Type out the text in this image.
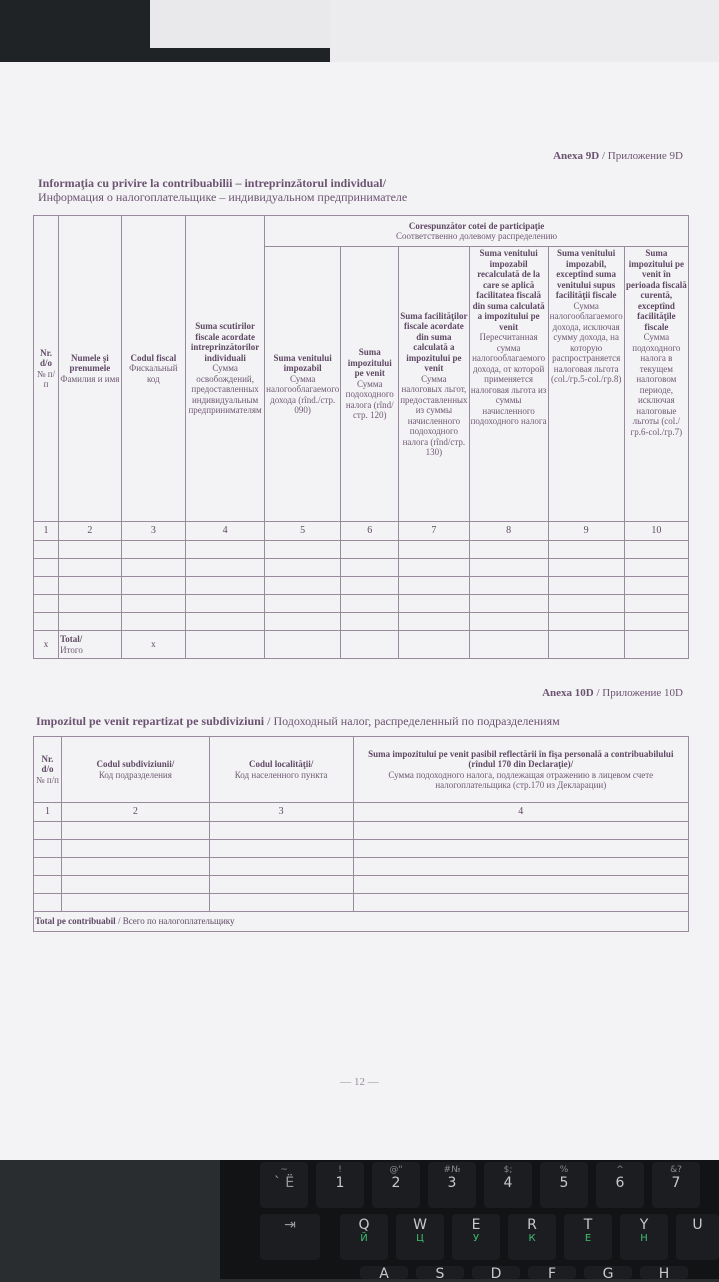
Anexa 9D / Приложение 9D
Informaţia cu privire la contribuabilii – intreprinzătorul individual/
Информация о налогоплательщике – индивидуальном предпринимателе
Nr. d/o
№ п/п	Numele şi prenumele
Фамилия и имя	Codul fiscal
Фискальный код	Suma scutirilor fiscale acordate intreprinzătorilor individuali
Сумма освобождений, предоставленных индивидуальным предпринимателям	Corespunzător cotei de participaţie
Соответственно долевому распределению					

				Suma venitului impozabil
Сумма налогооблагаемого дохода (rînd./стр. 090)	Suma impozitului pe venit
Сумма подоходного налога (rînd/стр. 120)	Suma facilităţilor fiscale acordate din suma calculată a impozitului pe venit
Сумма налоговых льгот, предоставленных из суммы начисленного подоходного налога (rînd/стр. 130)	Suma venitului impozabil recalculată de la care se aplică facilitatea fiscală din suma calculată a impozitului pe venit
Пересчитанная сумма налогооблагаемого дохода, от которой применяется налоговая льгота из суммы начисленного подоходного налога	Suma venitului impozabil, exceptînd suma venitului supus facilităţii fiscale
Сумма налогооблагаемого дохода, исключая сумму дохода, на которую распространяется налоговая льгота (col./гр.5-col./гр.8)	Suma impozitului pe venit în perioada fiscală curentă, exceptînd facilităţile fiscale
Сумма подоходного налога в текущем налоговом периоде, исключая налоговые льготы (col./гр.6-col./гр.7)

1	2	3	4	5	6	7	8	9	10

x	Total/
Итого	x							
Anexa 10D / Приложение 10D
Impozitul pe venit repartizat pe subdiviziuni / Подоходный налог, распределенный по подразделениям
Nr. d/o
№ п/п	Codul subdiviziunii/
Код подразделения	Codul localităţii/
Код населенного пункта	Suma impozitului pe venit pasibil reflectării în fişa personală a contribuabilului (rîndul 170 din Declaraţie)/
Сумма подоходного налога, подлежащая отражению в лицевом счете налогоплательщика (стр.170 из Декларации)

1	2	3	4

Total pe contribuabil / Всего по налогоплательщику			
— 12 —
~
` Ё
!
1
@"
2
#№
3
$;
4
%
5
^
6
&?
7
⇥	Q
Й
W
Ц
E
У
R
К
T
Е
Y
Н
U
A	S	D	F	G	H
